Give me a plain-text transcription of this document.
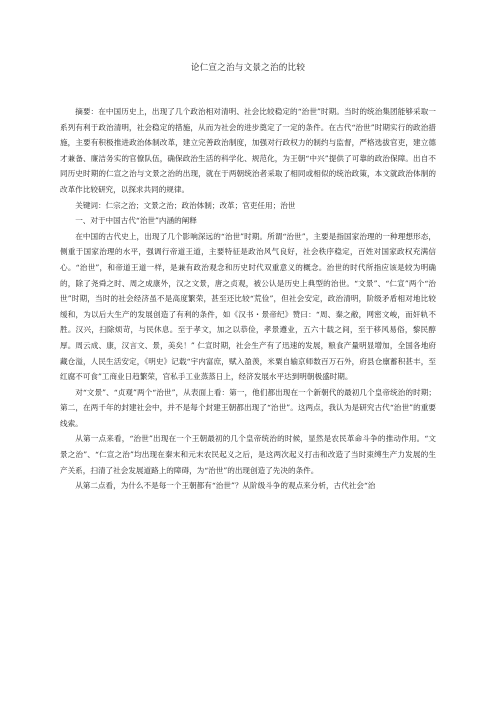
论仁宣之治与文景之治的比较

摘要：在中国历史上，出现了几个政治相对清明、社会比较稳定的“治世”时期。当时的统治集团能够采取一系列有利于政治清明，社会稳定的措施，从而为社会的进步奠定了一定的条件。在古代“治世”时期实行的政治措施，主要有积极推进政治体制改革，建立完善政治制度，加强对行政权力的制约与监督，严格选拔官吏，建立德才兼备、廉洁务实的官僚队伍，确保政治生活的科学化、规范化，为王朝“中兴”提供了可靠的政治保障。出自不同历史时期的仁宣之治与文景之治的出现，就在于两朝统治者采取了相同或相似的统治政策，本文就政治体制的改革作比较研究，以探求共同的规律。

关键词：仁宗之治；文景之治；政治体制；改革；官吏任用；治世

一、对于中国古代“治世”内涵的阐释

在中国的古代史上，出现了几个影响深远的“治世”时期。所谓“治世”，主要是指国家治理的一种理想形态，侧重于国家治理的水平，强调行帝道王道，主要特征是政治风气良好，社会秩序稳定，百姓对国家政权充满信心。“治世”，和帝道王道一样，是兼有政治观念和历史时代双重意义的概念。治世的时代所指应该是较为明确的，除了尧舜之时、周之成康外，汉之文景，唐之贞观，被公认是历史上典型的治世。“文景”、“仁宣”两个“治世”时期，当时的社会经济虽不是高度繁荣，甚至还比较“荒俭”，但社会安定，政治清明，阶级矛盾相对地比较缓和，为以后大生产的发展创造了有利的条件，如《汉书・景帝纪》赞曰：“周、秦之敝，网密文峻，而奸轨不胜。汉兴，扫除烦苛，与民休息。至于孝文，加之以恭俭，孝景遵业，五六十载之间，至于移风易俗，黎民醇厚。周云成、康，汉言文、景，美矣！” 仁宣时期，社会生产有了迅速的发展，粮食产量明显增加，全国各地府藏仓溢，人民生活安定，《明史》记载“宇内富庶，赋入盈羡，米粟自输京师数百万石外，府县仓廪蓄积甚丰，至红腐不可食”工商业日趋繁荣，官私手工业蒸蒸日上，经济发展水平达到明朝极盛时期。

对“文景”、“贞观”两个“治世”，从表面上看：第一，他们都出现在一个新朝代的最初几个皇帝统治的时期；第二，在两千年的封建社会中，并不是每个封建王朝都出现了“治世”。这两点，我认为是研究古代“治世”的重要线索。

从第一点来看，“治世”出现在一个王朝最初的几个皇帝统治的时候，显然是农民革命斗争的推动作用。“文景之治”、“仁宣之治”均出现在秦末和元末农民起义之后，是这两次起义打击和改造了当时束缚生产力发展的生产关系，扫清了社会发展道路上的障碍，为“治世”的出现创造了先决的条件。

从第二点看，为什么不是每一个王朝都有“治世”？从阶级斗争的观点来分析，古代社会“治
